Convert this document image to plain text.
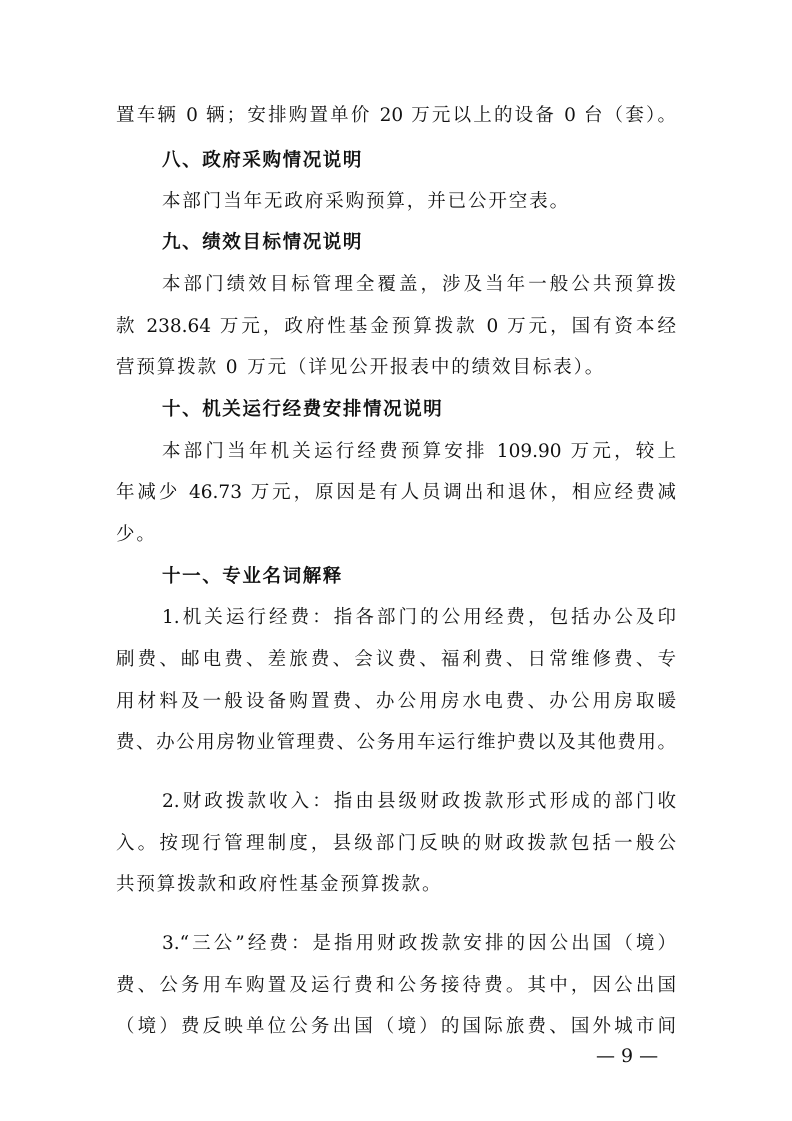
置车辆 0 辆；安排购置单价 20 万元以上的设备 0 台（套）。
八、政府采购情况说明
本部门当年无政府采购预算，并已公开空表。
九、绩效目标情况说明
本部门绩效目标管理全覆盖，涉及当年一般公共预算拨
款 238.64 万元，政府性基金预算拨款 0 万元，国有资本经
营预算拨款 0 万元（详见公开报表中的绩效目标表）。
十、机关运行经费安排情况说明
本部门当年机关运行经费预算安排 109.90 万元，较上
年减少 46.73 万元，原因是有人员调出和退休，相应经费减
少。
十一、专业名词解释
1.机关运行经费：指各部门的公用经费，包括办公及印
刷费、邮电费、差旅费、会议费、福利费、日常维修费、专
用材料及一般设备购置费、办公用房水电费、办公用房取暖
费、办公用房物业管理费、公务用车运行维护费以及其他费用。
2.财政拨款收入：指由县级财政拨款形式形成的部门收
入。按现行管理制度，县级部门反映的财政拨款包括一般公
共预算拨款和政府性基金预算拨款。
3.“三公”经费：是指用财政拨款安排的因公出国（境）
费、公务用车购置及运行费和公务接待费。其中，因公出国
（境）费反映单位公务出国（境）的国际旅费、国外城市间
— 9 —
